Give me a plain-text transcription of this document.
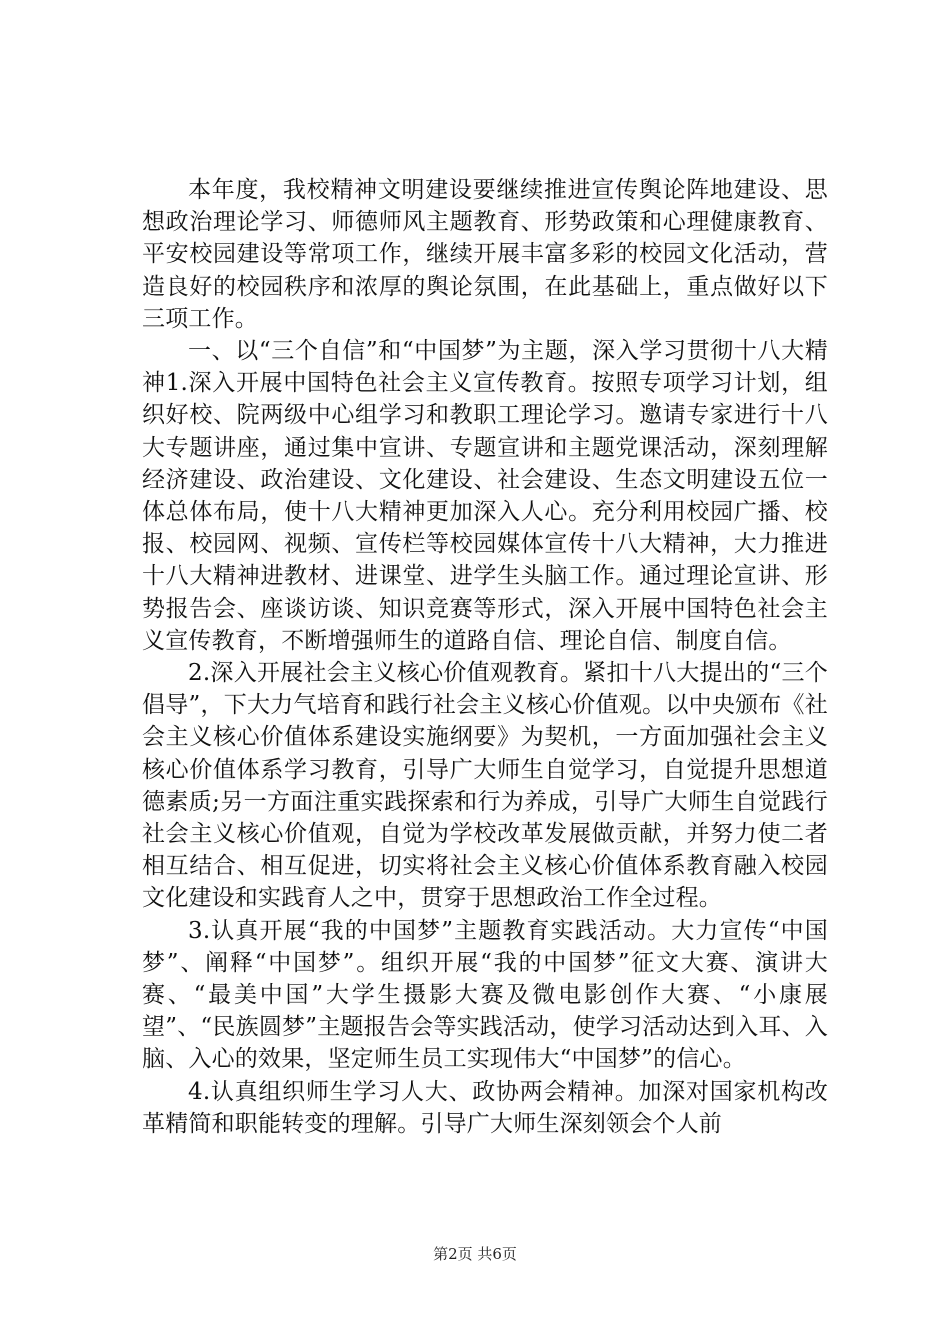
本年度，我校精神文明建设要继续推进宣传舆论阵地建设、思想政治理论学习、师德师风主题教育、形势政策和心理健康教育、平安校园建设等常项工作，继续开展丰富多彩的校园文化活动，营造良好的校园秩序和浓厚的舆论氛围，在此基础上，重点做好以下三项工作。

一、以“三个自信”和“中国梦”为主题，深入学习贯彻十八大精神1.深入开展中国特色社会主义宣传教育。按照专项学习计划，组织好校、院两级中心组学习和教职工理论学习。邀请专家进行十八大专题讲座，通过集中宣讲、专题宣讲和主题党课活动，深刻理解经济建设、政治建设、文化建设、社会建设、生态文明建设五位一体总体布局，使十八大精神更加深入人心。充分利用校园广播、校报、校园网、视频、宣传栏等校园媒体宣传十八大精神，大力推进十八大精神进教材、进课堂、进学生头脑工作。通过理论宣讲、形势报告会、座谈访谈、知识竞赛等形式，深入开展中国特色社会主义宣传教育，不断增强师生的道路自信、理论自信、制度自信。

2.深入开展社会主义核心价值观教育。紧扣十八大提出的“三个倡导”，下大力气培育和践行社会主义核心价值观。以中央颁布《社会主义核心价值体系建设实施纲要》为契机，一方面加强社会主义核心价值体系学习教育，引导广大师生自觉学习，自觉提升思想道德素质;另一方面注重实践探索和行为养成，引导广大师生自觉践行社会主义核心价值观，自觉为学校改革发展做贡献，并努力使二者相互结合、相互促进，切实将社会主义核心价值体系教育融入校园文化建设和实践育人之中，贯穿于思想政治工作全过程。

3.认真开展“我的中国梦”主题教育实践活动。大力宣传“中国梦”、阐释“中国梦”。组织开展“我的中国梦”征文大赛、演讲大赛、“最美中国”大学生摄影大赛及微电影创作大赛、“小康展望”、“民族圆梦”主题报告会等实践活动，使学习活动达到入耳、入脑、入心的效果，坚定师生员工实现伟大“中国梦”的信心。

4.认真组织师生学习人大、政协两会精神。加深对国家机构改革精简和职能转变的理解。引导广大师生深刻领会个人前

第2页 共6页
